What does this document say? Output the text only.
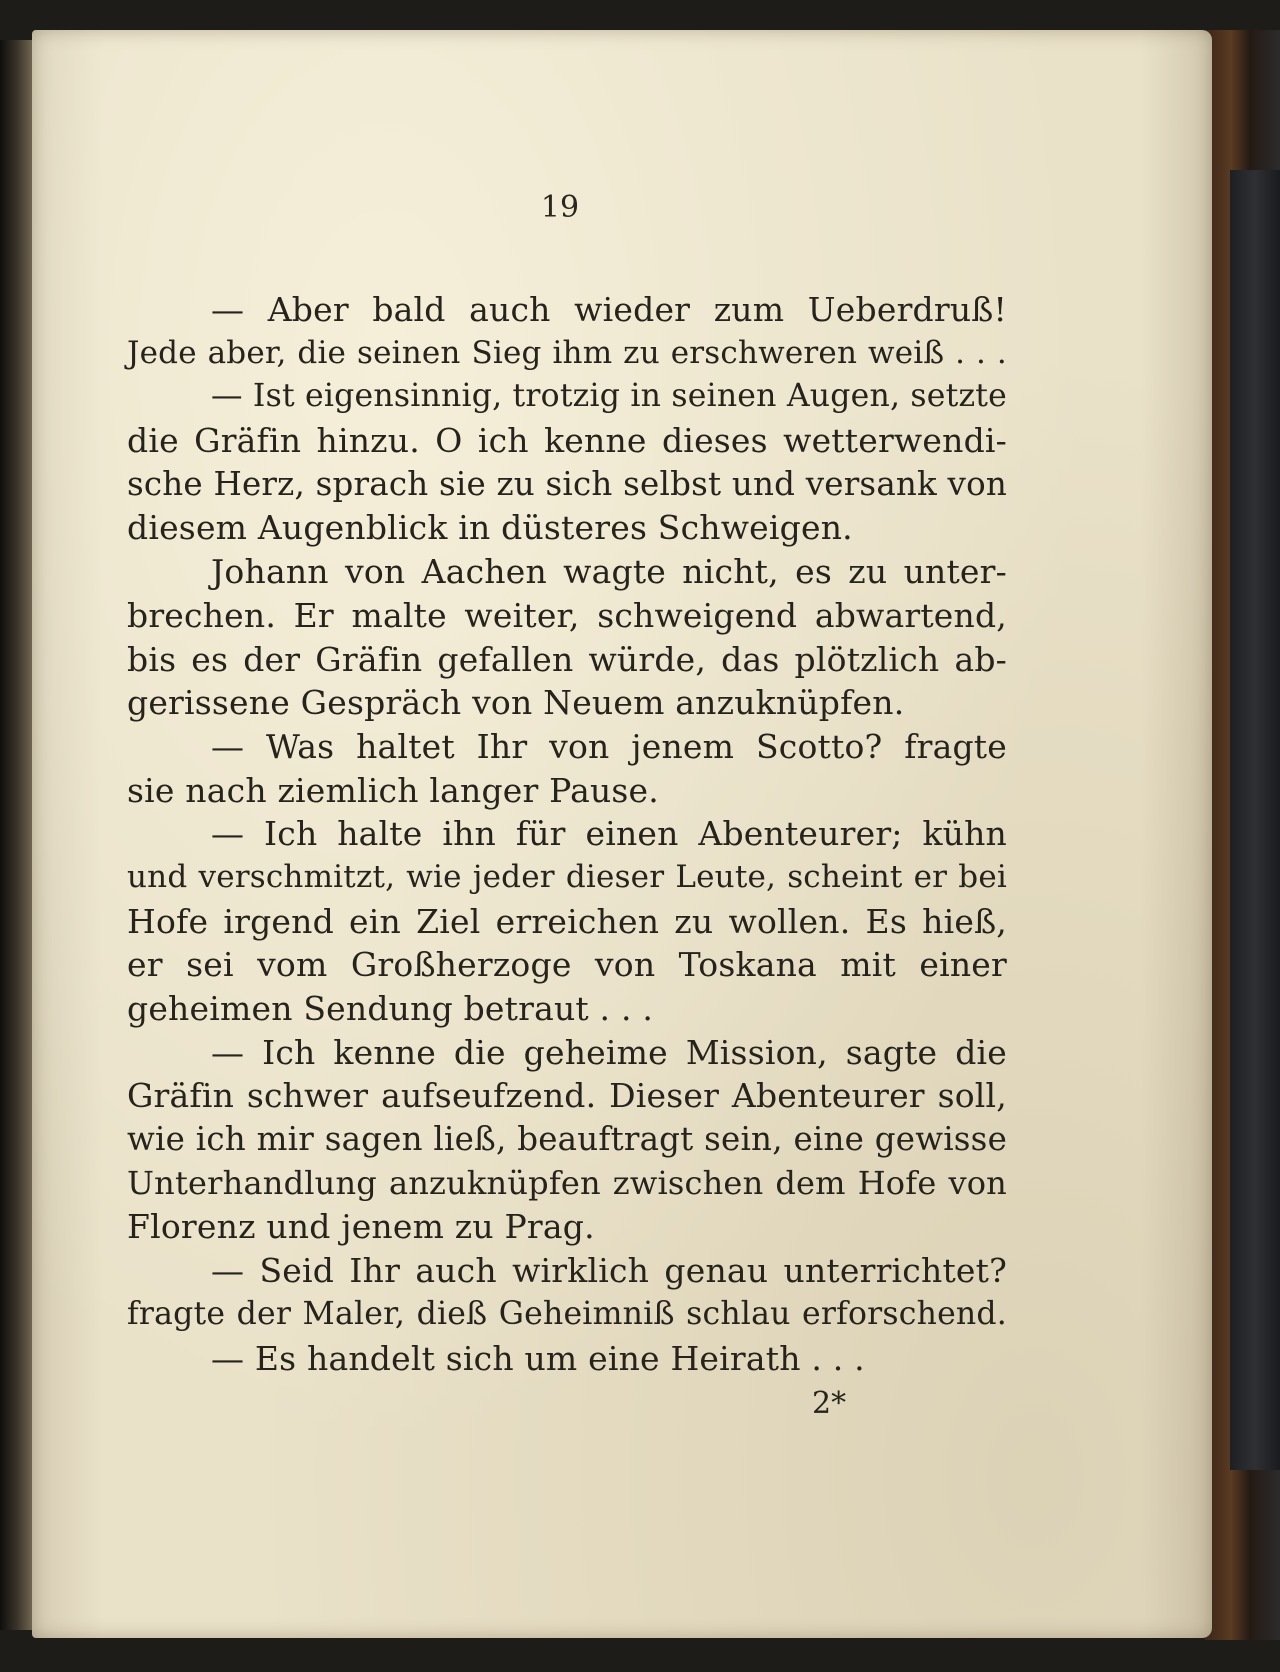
19

— Aber bald auch wieder zum Ueberdruß!
Jede aber, die seinen Sieg ihm zu erschweren weiß . . .
— Ist eigensinnig, trotzig in seinen Augen, setzte
die Gräfin hinzu. O ich kenne dieses wetterwendi-
sche Herz, sprach sie zu sich selbst und versank von
diesem Augenblick in düsteres Schweigen.
Johann von Aachen wagte nicht, es zu unter-
brechen. Er malte weiter, schweigend abwartend,
bis es der Gräfin gefallen würde, das plötzlich ab-
gerissene Gespräch von Neuem anzuknüpfen.
— Was haltet Ihr von jenem Scotto? fragte
sie nach ziemlich langer Pause.
— Ich halte ihn für einen Abenteurer; kühn
und verschmitzt, wie jeder dieser Leute, scheint er bei
Hofe irgend ein Ziel erreichen zu wollen. Es hieß,
er sei vom Großherzoge von Toskana mit einer
geheimen Sendung betraut . . .
— Ich kenne die geheime Mission, sagte die
Gräfin schwer aufseufzend. Dieser Abenteurer soll,
wie ich mir sagen ließ, beauftragt sein, eine gewisse
Unterhandlung anzuknüpfen zwischen dem Hofe von
Florenz und jenem zu Prag.
— Seid Ihr auch wirklich genau unterrichtet?
fragte der Maler, dieß Geheimniß schlau erforschend.
— Es handelt sich um eine Heirath . . .

2*
